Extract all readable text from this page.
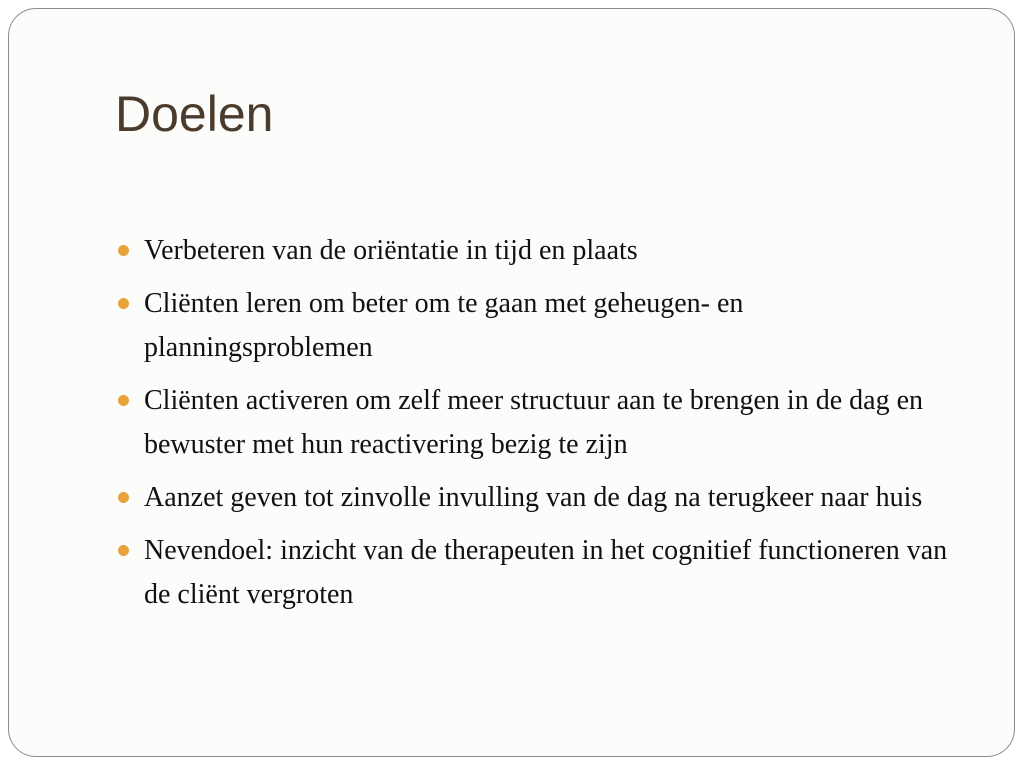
Doelen
Verbeteren van de oriëntatie in tijd en plaats
Cliënten leren om beter om te gaan met geheugen- en planningsproblemen
Cliënten activeren om zelf meer structuur aan te brengen in de dag en bewuster met hun reactivering bezig te zijn
Aanzet geven tot zinvolle invulling van de dag na terugkeer naar huis
Nevendoel: inzicht van de therapeuten in het cognitief functioneren van de cliënt vergroten
